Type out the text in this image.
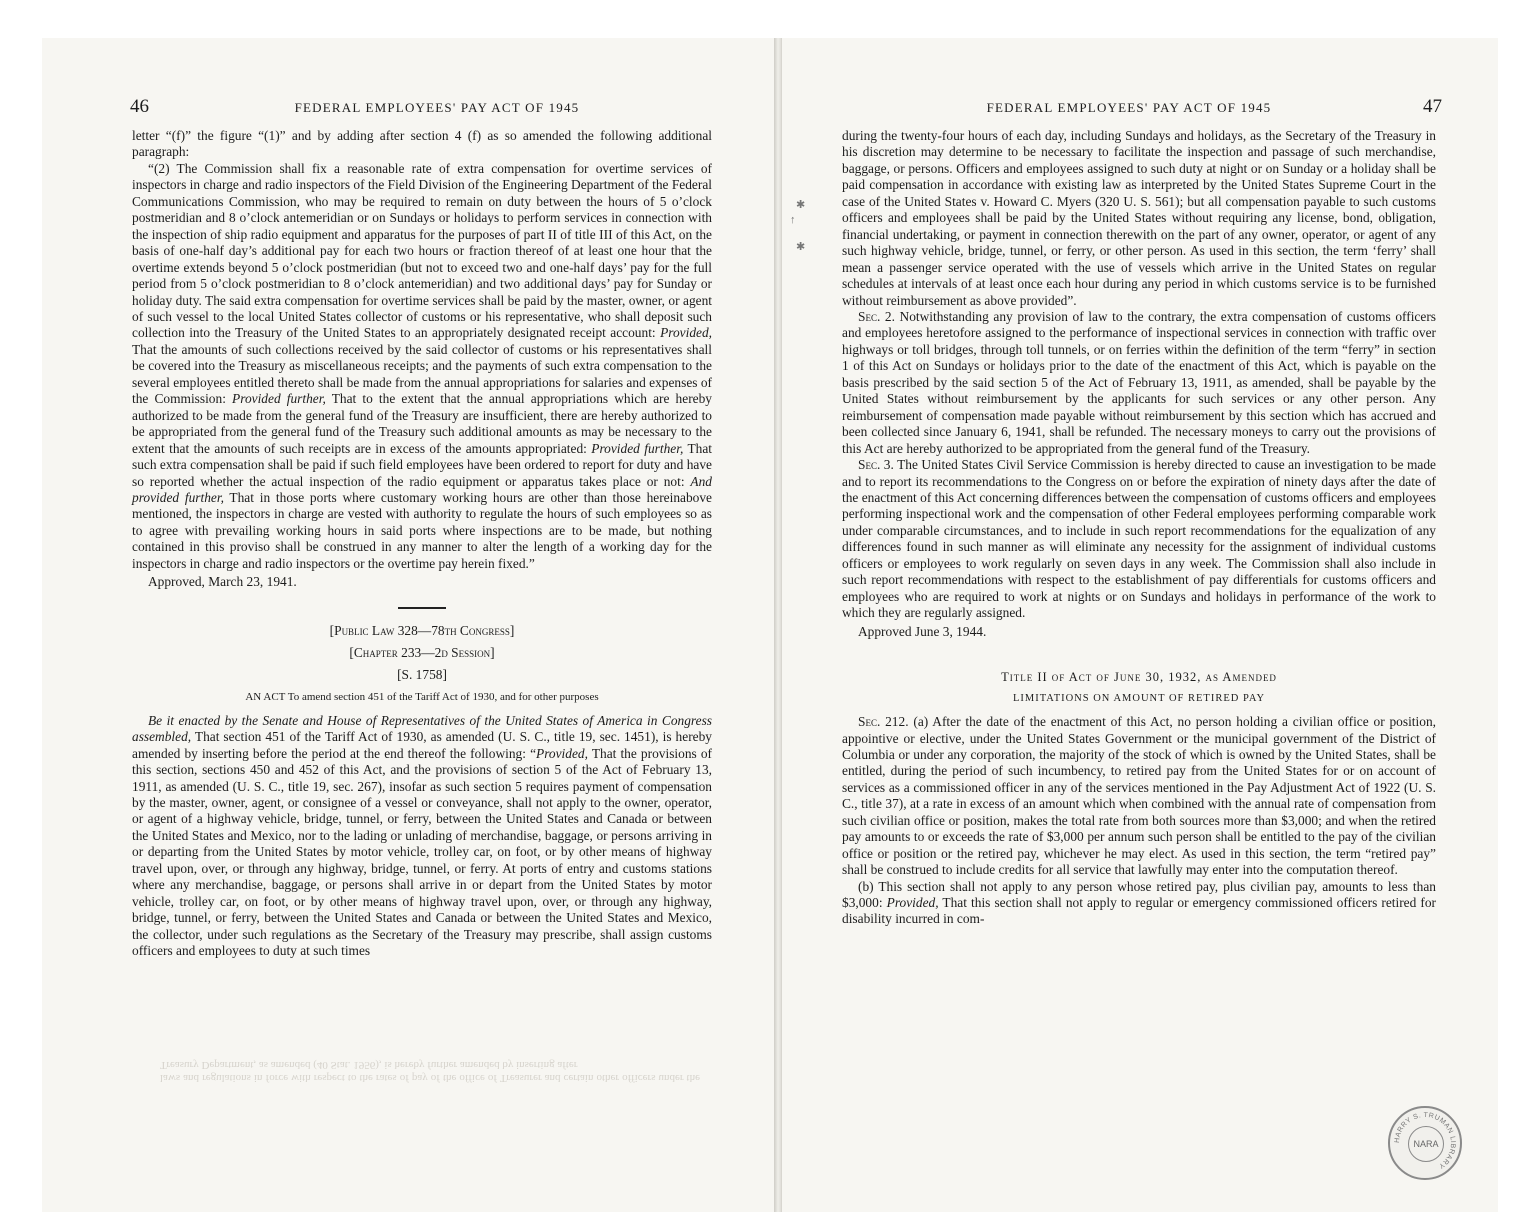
46	FEDERAL EMPLOYEES' PAY ACT OF 1945

letter “(f)” the figure “(1)” and by adding after section 4 (f) as so amended the following additional paragraph:

“(2) The Commission shall fix a reasonable rate of extra compensation for overtime services of inspectors in charge and radio inspectors of the Field Division of the Engineering Department of the Federal Communications Commission, who may be required to remain on duty between the hours of 5 o’clock postmeridian and 8 o’clock antemeridian or on Sundays or holidays to perform services in connection with the inspection of ship radio equipment and apparatus for the purposes of part II of title III of this Act, on the basis of one-half day’s additional pay for each two hours or fraction thereof of at least one hour that the overtime extends beyond 5 o’clock postmeridian (but not to exceed two and one-half days’ pay for the full period from 5 o’clock postmeridian to 8 o’clock antemeridian) and two additional days’ pay for Sunday or holiday duty. The said extra compensation for overtime services shall be paid by the master, owner, or agent of such vessel to the local United States collector of customs or his representative, who shall deposit such collection into the Treasury of the United States to an appropriately designated receipt account: Provided, That the amounts of such collections received by the said collector of customs or his representatives shall be covered into the Treasury as miscellaneous receipts; and the payments of such extra compensation to the several employees entitled thereto shall be made from the annual appropriations for salaries and expenses of the Commission: Provided further, That to the extent that the annual appropriations which are hereby authorized to be made from the general fund of the Treasury are insufficient, there are hereby authorized to be appropriated from the general fund of the Treasury such additional amounts as may be necessary to the extent that the amounts of such receipts are in excess of the amounts appropriated: Provided further, That such extra compensation shall be paid if such field employees have been ordered to report for duty and have so reported whether the actual inspection of the radio equipment or apparatus takes place or not: And provided further, That in those ports where customary working hours are other than those hereinabove mentioned, the inspectors in charge are vested with authority to regulate the hours of such employees so as to agree with prevailing working hours in said ports where inspections are to be made, but nothing contained in this proviso shall be construed in any manner to alter the length of a working day for the inspectors in charge and radio inspectors or the overtime pay herein fixed.”

Approved, March 23, 1941.

[Public Law 328—78th Congress]

[Chapter 233—2d Session]

[S. 1758]

AN ACT To amend section 451 of the Tariff Act of 1930, and for other purposes

Be it enacted by the Senate and House of Representatives of the United States of America in Congress assembled, That section 451 of the Tariff Act of 1930, as amended (U. S. C., title 19, sec. 1451), is hereby amended by inserting before the period at the end thereof the following: “Provided, That the provisions of this section, sections 450 and 452 of this Act, and the provisions of section 5 of the Act of February 13, 1911, as amended (U. S. C., title 19, sec. 267), insofar as such section 5 requires payment of compensation by the master, owner, agent, or consignee of a vessel or conveyance, shall not apply to the owner, operator, or agent of a highway vehicle, bridge, tunnel, or ferry, between the United States and Canada or between the United States and Mexico, nor to the lading or unlading of merchandise, baggage, or persons arriving in or departing from the United States by motor vehicle, trolley car, on foot, or by other means of highway travel upon, over, or through any highway, bridge, tunnel, or ferry. At ports of entry and customs stations where any merchandise, baggage, or persons shall arrive in or depart from the United States by motor vehicle, trolley car, on foot, or by other means of highway travel upon, over, or through any highway, bridge, tunnel, or ferry, between the United States and Canada or between the United States and Mexico, the collector, under such regulations as the Secretary of the Treasury may prescribe, shall assign customs officers and employees to duty at such times

laws and regulations in force with respect to the rates of pay of the office of Treasurer and certain other officers under the Treasury Department, as amended (40 Stat. 1956), is hereby further amended by inserting after
FEDERAL EMPLOYEES' PAY ACT OF 1945	47

during the twenty-four hours of each day, including Sundays and holidays, as the Secretary of the Treasury in his discretion may determine to be necessary to facilitate the inspection and passage of such merchandise, baggage, or persons. Officers and employees assigned to such duty at night or on Sunday or a holiday shall be paid compensation in accordance with existing law as interpreted by the United States Supreme Court in the case of the United States v. Howard C. Myers (320 U. S. 561); but all compensation payable to such customs officers and employees shall be paid by the United States without requiring any license, bond, obligation, financial undertaking, or payment in connection therewith on the part of any owner, operator, or agent of any such highway vehicle, bridge, tunnel, or ferry, or other person. As used in this section, the term ‘ferry’ shall mean a passenger service operated with the use of vessels which arrive in the United States on regular schedules at intervals of at least once each hour during any period in which customs service is to be furnished without reimbursement as above provided”.

Sec. 2. Notwithstanding any provision of law to the contrary, the extra compensation of customs officers and employees heretofore assigned to the performance of inspectional services in connection with traffic over highways or toll bridges, through toll tunnels, or on ferries within the definition of the term “ferry” in section 1 of this Act on Sundays or holidays prior to the date of the enactment of this Act, which is payable on the basis prescribed by the said section 5 of the Act of February 13, 1911, as amended, shall be payable by the United States without reimbursement by the applicants for such services or any other person. Any reimbursement of compensation made payable without reimbursement by this section which has accrued and been collected since January 6, 1941, shall be refunded. The necessary moneys to carry out the provisions of this Act are hereby authorized to be appropriated from the general fund of the Treasury.

Sec. 3. The United States Civil Service Commission is hereby directed to cause an investigation to be made and to report its recommendations to the Congress on or before the expiration of ninety days after the date of the enactment of this Act concerning differences between the compensation of customs officers and employees performing inspectional work and the compensation of other Federal employees performing comparable work under comparable circumstances, and to include in such report recommendations for the equalization of any differences found in such manner as will eliminate any necessity for the assignment of individual customs officers or employees to work regularly on seven days in any week. The Commission shall also include in such report recommendations with respect to the establishment of pay differentials for customs officers and employees who are required to work at nights or on Sundays and holidays in performance of the work to which they are regularly assigned.

Approved June 3, 1944.

Title II of Act of June 30, 1932, as Amended

LIMITATIONS ON AMOUNT OF RETIRED PAY

Sec. 212. (a) After the date of the enactment of this Act, no person holding a civilian office or position, appointive or elective, under the United States Government or the municipal government of the District of Columbia or under any corporation, the majority of the stock of which is owned by the United States, shall be entitled, during the period of such incumbency, to retired pay from the United States for or on account of services as a commissioned officer in any of the services mentioned in the Pay Adjustment Act of 1922 (U. S. C., title 37), at a rate in excess of an amount which when combined with the annual rate of compensation from such civilian office or position, makes the total rate from both sources more than $3,000; and when the retired pay amounts to or exceeds the rate of $3,000 per annum such person shall be entitled to the pay of the civilian office or position or the retired pay, whichever he may elect. As used in this section, the term “retired pay” shall be construed to include credits for all service that lawfully may enter into the computation thereof.

(b) This section shall not apply to any person whose retired pay, plus civilian pay, amounts to less than $3,000: Provided, That this section shall not apply to regular or emergency commissioned officers retired for disability incurred in com-

✱
↑
✱
HARRY S. TRUMAN LIBRARY
NARA
